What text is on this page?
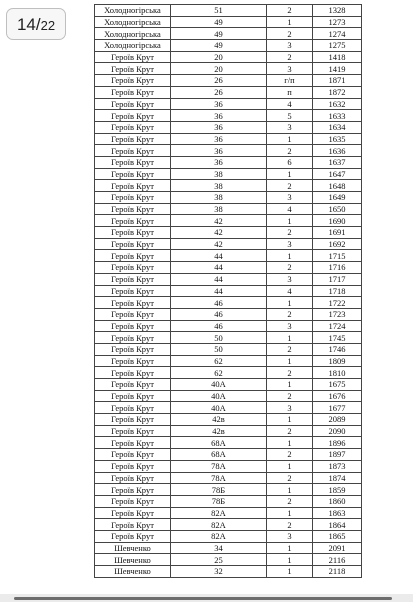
14 / 22
Холодногірська	51	2	1328
Холодногірська	49	1	1273
Холодногірська	49	2	1274
Холодногірська	49	3	1275
Героїв Крут	20	2	1418
Героїв Крут	20	3	1419
Героїв Крут	26	г/п	1871
Героїв Крут	26	п	1872
Героїв Крут	36	4	1632
Героїв Крут	36	5	1633
Героїв Крут	36	3	1634
Героїв Крут	36	1	1635
Героїв Крут	36	2	1636
Героїв Крут	36	6	1637
Героїв Крут	38	1	1647
Героїв Крут	38	2	1648
Героїв Крут	38	3	1649
Героїв Крут	38	4	1650
Героїв Крут	42	1	1690
Героїв Крут	42	2	1691
Героїв Крут	42	3	1692
Героїв Крут	44	1	1715
Героїв Крут	44	2	1716
Героїв Крут	44	3	1717
Героїв Крут	44	4	1718
Героїв Крут	46	1	1722
Героїв Крут	46	2	1723
Героїв Крут	46	3	1724
Героїв Крут	50	1	1745
Героїв Крут	50	2	1746
Героїв Крут	62	1	1809
Героїв Крут	62	2	1810
Героїв Крут	40А	1	1675
Героїв Крут	40А	2	1676
Героїв Крут	40А	3	1677
Героїв Крут	42в	1	2089
Героїв Крут	42в	2	2090
Героїв Крут	68А	1	1896
Героїв Крут	68А	2	1897
Героїв Крут	78А	1	1873
Героїв Крут	78А	2	1874
Героїв Крут	78Б	1	1859
Героїв Крут	78Б	2	1860
Героїв Крут	82А	1	1863
Героїв Крут	82А	2	1864
Героїв Крут	82А	3	1865
Шевченко	34	1	2091
Шевченко	25	1	2116
Шевченко	32	1	2118
